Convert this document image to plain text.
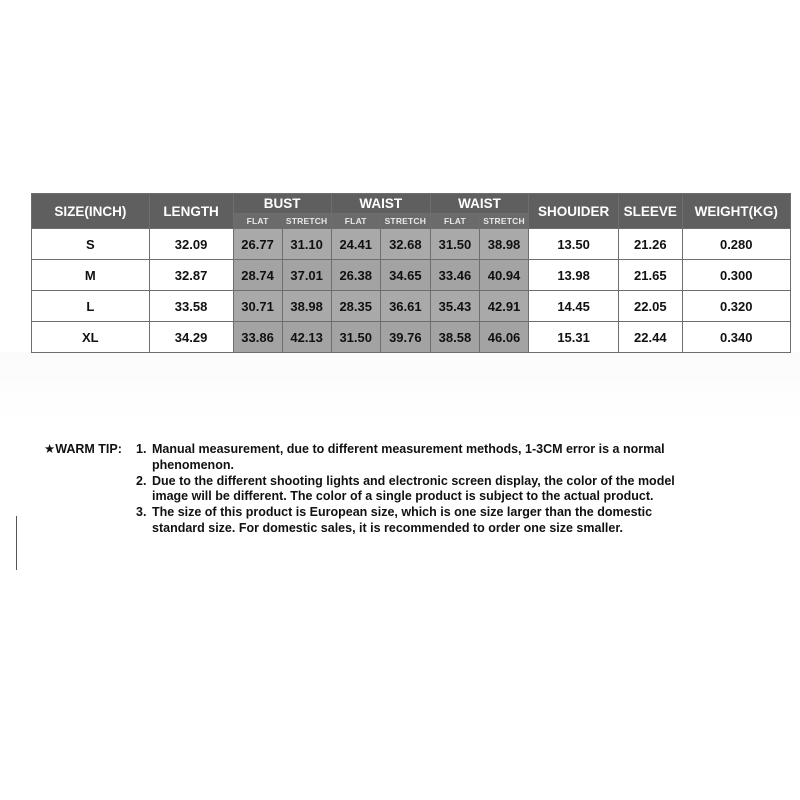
SIZE(INCH)	LENGTH	BUST		WAIST		WAIST		SHOUIDER	SLEEVE	WEIGHT(KG)
		FLAT	STRETCH	FLAT	STRETCH	FLAT	STRETCH			
S	32.09	26.77	31.10	24.41	32.68	31.50	38.98	13.50	21.26	0.280
M	32.87	28.74	37.01	26.38	34.65	33.46	40.94	13.98	21.65	0.300
L	33.58	30.71	38.98	28.35	36.61	35.43	42.91	14.45	22.05	0.320
XL	34.29	33.86	42.13	31.50	39.76	38.58	46.06	15.31	22.44	0.340
★WARM TIP: 1. Manual measurement, due to different measurement methods, 1-3CM error is a normal phenomenon.
2. Due to the different shooting lights and electronic screen display, the color of the model image will be different. The color of a single product is subject to the actual product.
3. The size of this product is European size, which is one size larger than the domestic standard size. For domestic sales, it is recommended to order one size smaller.
